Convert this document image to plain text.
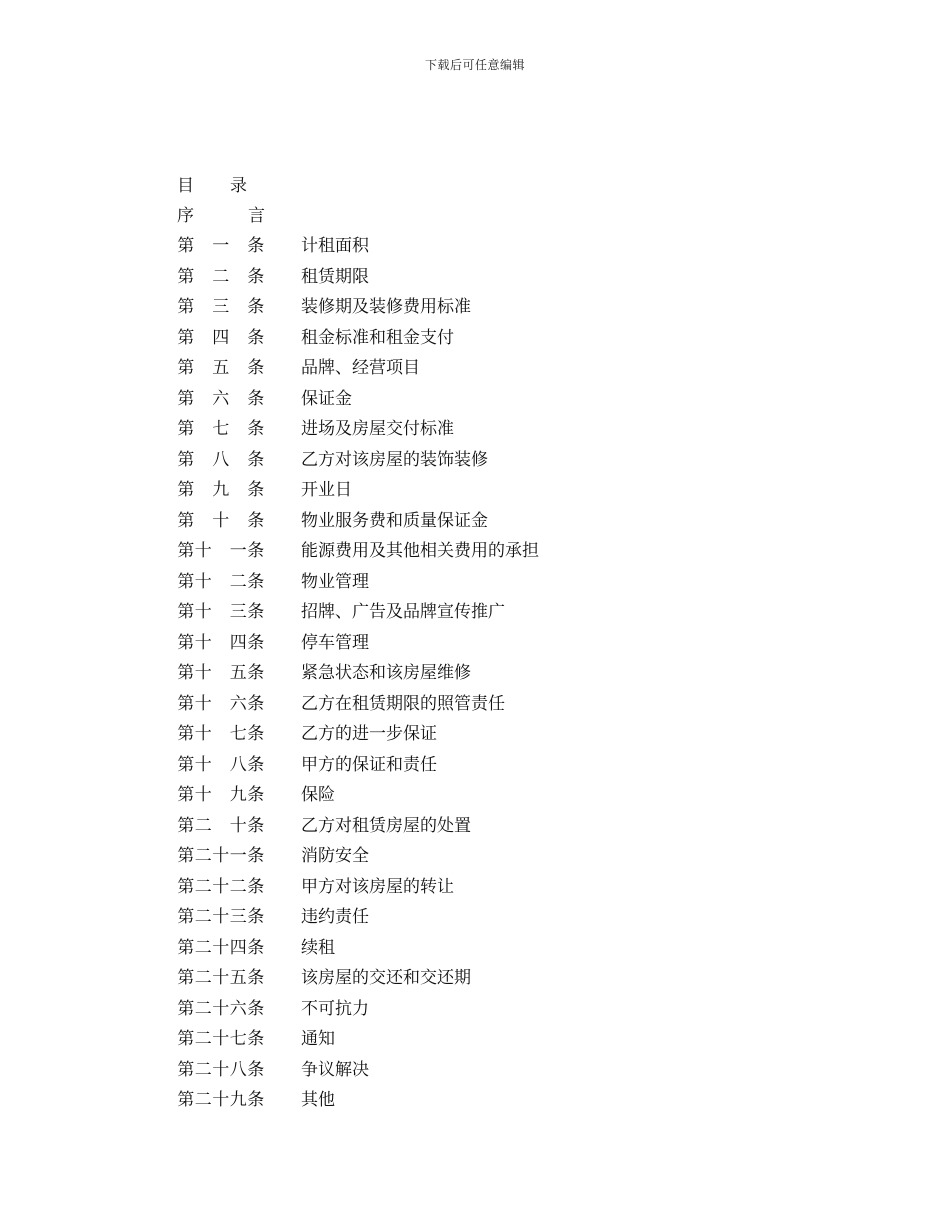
下载后可任意编辑
目 录
序	言
第 一 条 计租面积
第 二 条 租赁期限
第 三 条 装修期及装修费用标准
第 四 条 租金标准和租金支付
第 五 条 品牌、经营项目
第 六 条 保证金
第 七 条 进场及房屋交付标准
第 八 条 乙方对该房屋的装饰装修
第 九 条 开业日
第 十 条 物业服务费和质量保证金
第十 一条 能源费用及其他相关费用的承担
第十 二条 物业管理
第十 三条 招牌、广告及品牌宣传推广
第十 四条 停车管理
第十 五条 紧急状态和该房屋维修
第十 六条 乙方在租赁期限的照管责任
第十 七条 乙方的进一步保证
第十 八条 甲方的保证和责任
第十 九条 保险
第二 十条 乙方对租赁房屋的处置
第二十一条 消防安全
第二十二条 甲方对该房屋的转让
第二十三条 违约责任
第二十四条 续租
第二十五条 该房屋的交还和交还期
第二十六条 不可抗力
第二十七条 通知
第二十八条 争议解决
第二十九条 其他
